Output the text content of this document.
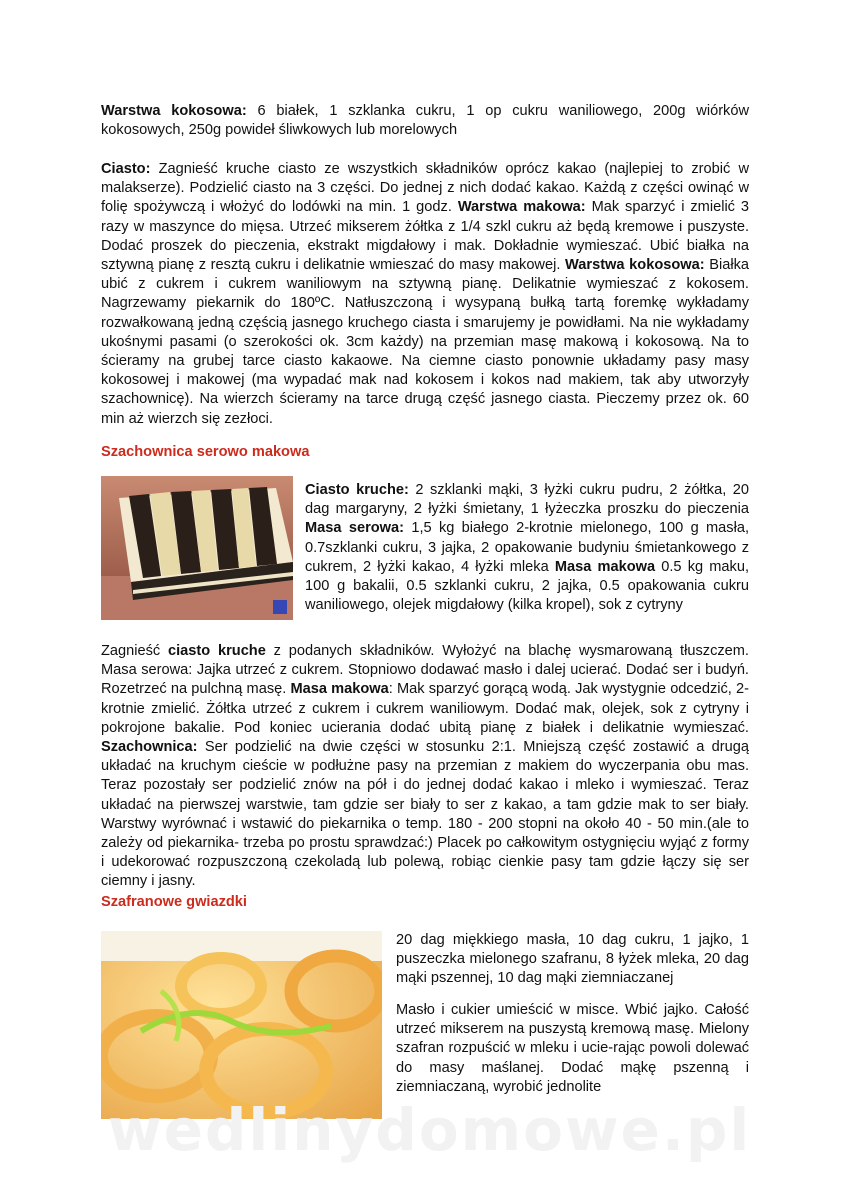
Warstwa kokosowa: 6 białek, 1 szklanka cukru, 1 op cukru waniliowego, 200g wiórków kokosowych, 250g powideł śliwkowych lub morelowych

Ciasto: Zagnieść kruche ciasto ze wszystkich składników oprócz kakao (najlepiej to zrobić w malakserze). Podzielić ciasto na 3 części. Do jednej z nich dodać kakao. Każdą z części owinąć w folię spożywczą i włożyć do lodówki na min. 1 godz. Warstwa makowa: Mak sparzyć i zmielić 3 razy w maszynce do mięsa. Utrzeć mikserem żółtka z 1/4 szkl cukru aż będą kremowe i puszyste. Dodać proszek do pieczenia, ekstrakt migdałowy i mak. Dokładnie wymieszać. Ubić białka na sztywną pianę z resztą cukru i delikatnie wmieszać do masy makowej. Warstwa kokosowa: Białka ubić z cukrem i cukrem waniliowym na sztywną pianę. Delikatnie wymieszać z kokosem. Nagrzewamy piekarnik do 180ºC. Natłuszczoną i wysypaną bułką tartą foremkę wykładamy rozwałkowaną jedną częścią jasnego kruchego ciasta i smarujemy je powidłami. Na nie wykładamy ukośnymi pasami (o szerokości ok. 3cm każdy) na przemian masę makową i kokosową. Na to ścieramy na grubej tarce ciasto kakaowe. Na ciemne ciasto ponownie układamy pasy masy kokosowej i makowej (ma wypadać mak nad kokosem i kokos nad makiem, tak aby utworzyły szachownicę). Na wierzch ścieramy na tarce drugą część jasnego ciasta. Pieczemy przez ok. 60 min aż wierzch się zezłoci.

Szachownica serowo makowa

Ciasto kruche: 2 szklanki mąki, 3 łyżki cukru pudru, 2 żółtka, 20 dag margaryny, 2 łyżki śmietany, 1 łyżeczka proszku do pieczenia Masa serowa: 1,5 kg białego 2-krotnie mielonego, 100 g masła, 0.7szklanki cukru, 3 jajka, 2 opakowanie budyniu śmietankowego z cukrem, 2 łyżki kakao, 4 łyżki mleka Masa makowa 0.5 kg maku, 100 g bakalii, 0.5 szklanki cukru, 2 jajka, 0.5 opakowania cukru waniliowego, olejek migdałowy (kilka kropel), sok z cytryny

Zagnieść ciasto kruche z podanych składników. Wyłożyć na blachę wysmarowaną tłuszczem. Masa serowa: Jajka utrzeć z cukrem. Stopniowo dodawać masło i dalej ucierać. Dodać ser i budyń. Rozetrzeć na pulchną masę. Masa makowa: Mak sparzyć gorącą wodą. Jak wystygnie odcedzić, 2-krotnie zmielić. Żółtka utrzeć z cukrem i cukrem waniliowym. Dodać mak, olejek, sok z cytryny i pokrojone bakalie. Pod koniec ucierania dodać ubitą pianę z białek i delikatnie wymieszać. Szachownica: Ser podzielić na dwie części w stosunku 2:1. Mniejszą część zostawić a drugą układać na kruchym cieście w podłużne pasy na przemian z makiem do wyczerpania obu mas. Teraz pozostały ser podzielić znów na pół i do jednej dodać kakao i mleko i wymieszać. Teraz układać na pierwszej warstwie, tam gdzie ser biały to ser z kakao, a tam gdzie mak to ser biały. Warstwy wyrównać i wstawić do piekarnika o temp. 180 - 200 stopni na około 40 - 50 min.(ale to zależy od piekarnika- trzeba po prostu sprawdzać:) Placek po całkowitym ostygnięciu wyjąć z formy i udekorować rozpuszczoną czekoladą lub polewą, robiąc cienkie pasy tam gdzie łączy się ser ciemny i jasny.

Szafranowe gwiazdki

20 dag miękkiego masła, 10 dag cukru, 1 jajko, 1 puszeczka mielonego szafranu, 8 łyżek mleka, 20 dag mąki pszennej, 10 dag mąki ziemniaczanej

Masło i cukier umieścić w misce. Wbić jajko. Całość utrzeć mikserem na puszystą kremową masę. Mielony szafran rozpuścić w mleku i ucie-rając powoli dolewać do masy maślanej. Dodać mąkę pszenną i ziemniaczaną, wyrobić jednolite

wedlinydomowe.pl
